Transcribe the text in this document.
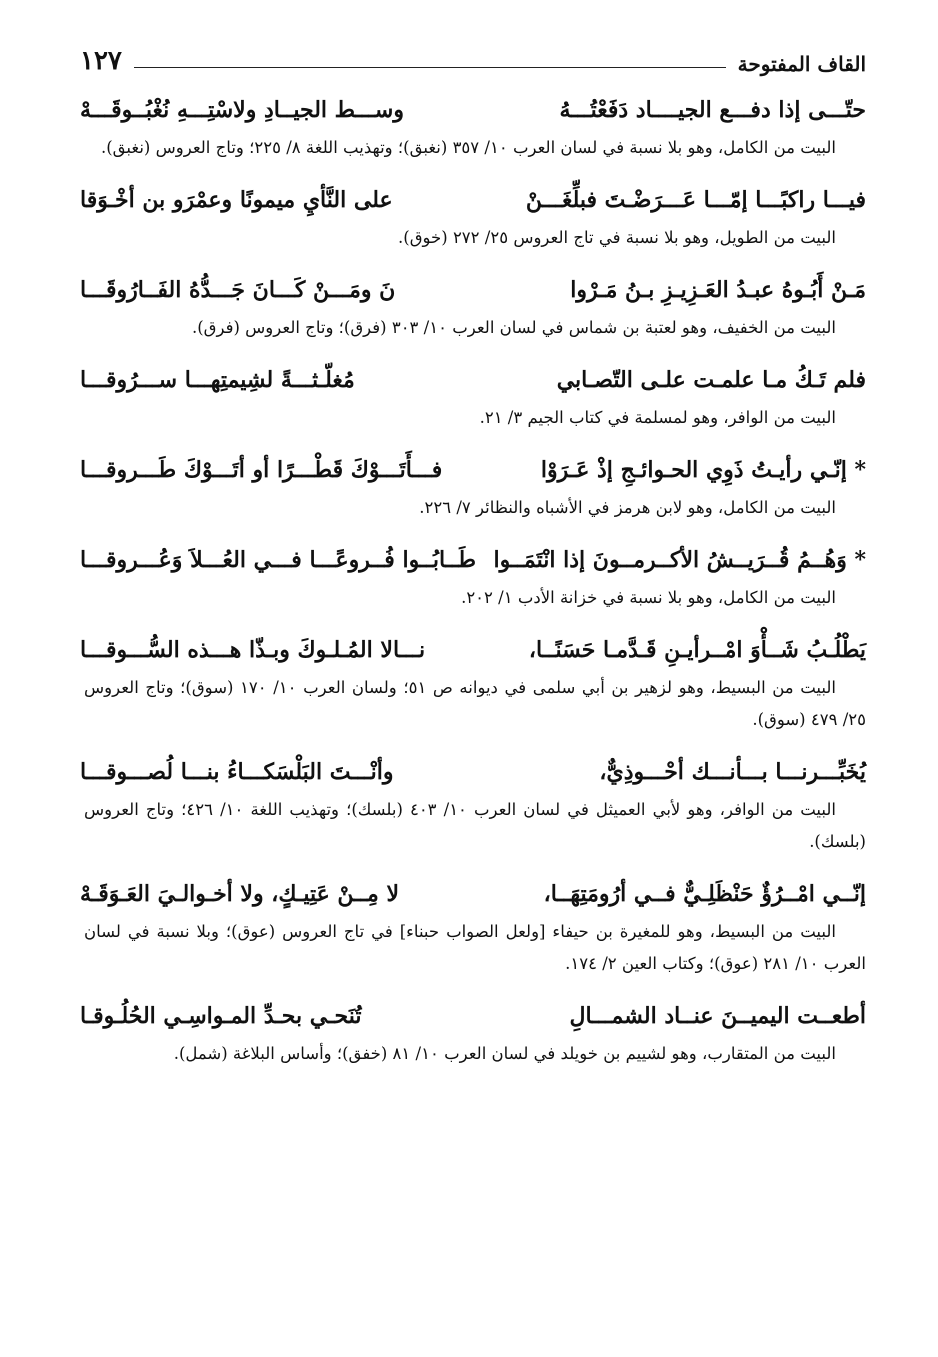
القاف المفتوحة
١٢٧
حتّـــى إذا دفـــع الجيــــاد دَفَعْتُـــهُ
وســـط الجيــادِ ولاسْتِـــهِ نُغْبُــوقَـــهْ

البيت من الكامل، وهو بلا نسبة في لسان العرب ١٠/ ٣٥٧ (نغبق)؛ وتهذيب اللغة ٨/ ٢٢٥؛ وتاج العروس (نغبق).

فيـــا راكبًـــا إمّـــا عَـــرَضْـتَ فبلِّغَـــنْ
على النَّأيِ ميمونًا وعمْرَو بن أخْـوَقا

البيت من الطويل، وهو بلا نسبة في تاج العروس ٢٥/ ٢٧٢ (خوق).

مَـنْ أَبُـوهُ عبـدُ العَـزِيـزِ بـنُ مَـرْوا
نَ ومَـــنْ كَـــانَ جَـــدُّهُ الفَــارُوقَـــا

البيت من الخفيف، وهو لعتبة بن شماس في لسان العرب ١٠/ ٣٠٣ (فرق)؛ وتاج العروس (فرق).

فلم تَـكُ مـا علمـت علـى التّصـابي
مُغلّـثـــةً لشِيمتِهـــا ســـرُوقـــا

البيت من الوافر، وهو لمسلمة في كتاب الجيم ٣/ ٢١.

* إنّـي رأيـتُ ذَوِي الحـوائـجِ إذْ عَـرَوْا
فـــأَتَـــوْكَ قَطْـــرًا أو أتَـــوْكَ طَـــروقـــا

البيت من الكامل، وهو لابن هرمز في الأشباه والنظائر ٧/ ٢٢٦.

* وَهُــمُ قُــرَيــشُ الأكــرمــونَ إذا انْتَمَــوا
طَــابُــوا فُــروعًـــا فـــي العُـــلاَ وَعُـــروقـــا

البيت من الكامل، وهو بلا نسبة في خزانة الأدب ١/ ٢٠٢.

يَطْلُـبُ شَــأْوَ امْــرأيـنِ قَـدَّمـا حَسَنًــا،
نـــالا المُـلـوكَ وبـذّا هـــذه السُّـــوقـــا

البيت من البسيط، وهو لزهير بن أبي سلمى في ديوانه ص ٥١؛ ولسان العرب ١٠/ ١٧٠ (سوق)؛ وتاج العروس ٢٥/ ٤٧٩ (سوق).

يُخَبِّـــرنـــا بـــأنـــك أحْـــوذِيٌّ،
وأنْـــتَ البَلْسَكـــاءُ بنـــا لُصـــوقـــا

البيت من الوافر، وهو لأبي العميثل في لسان العرب ١٠/ ٤٠٣ (بلسك)؛ وتهذيب اللغة ١٠/ ٤٢٦؛ وتاج العروس (بلسك).

إنّــي امْــرُؤٌ حَنْظَلِـيٌّ فــي أرُومَتِهَــا،
لا مِــنْ عَتِيـكٍ، ولا أخـوالـيَ العَـوَقَـهْ

البيت من البسيط، وهو للمغيرة بن حيفاء [ولعل الصواب حبناء] في تاج العروس (عوق)؛ وبلا نسبة في لسان العرب ١٠/ ٢٨١ (عوق)؛ وكتاب العين ٢/ ١٧٤.

أطعــت اليميــنَ عنــاد الشمـــالِ
تُنَحـي بحـدِّ المـواسِـي الحُلُـوقـا

البيت من المتقارب، وهو لشييم بن خويلد في لسان العرب ١٠/ ٨١ (خفق)؛ وأساس البلاغة (شمل).
